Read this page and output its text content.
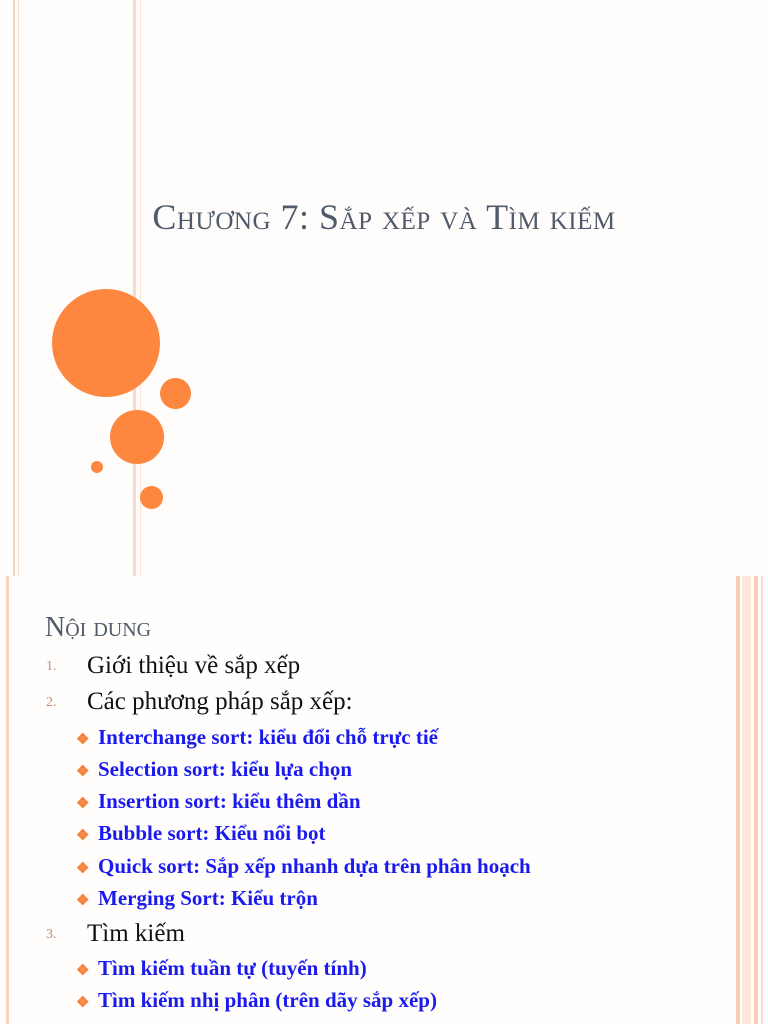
Chương 7: Sắp xếp và Tìm kiếm
Nội dung
1. Giới thiệu về sắp xếp
2. Các phương pháp sắp xếp:
❖ Interchange sort: kiểu đổi chỗ trực tiế
❖ Selection sort: kiểu lựa chọn
❖ Insertion sort: kiểu thêm dần
❖ Bubble sort: Kiểu nổi bọt
❖ Quick sort: Sắp xếp nhanh dựa trên phân hoạch
❖ Merging Sort: Kiểu trộn
3. Tìm kiếm
❖ Tìm kiếm tuần tự (tuyến tính)
❖ Tìm kiếm nhị phân (trên dãy sắp xếp)
